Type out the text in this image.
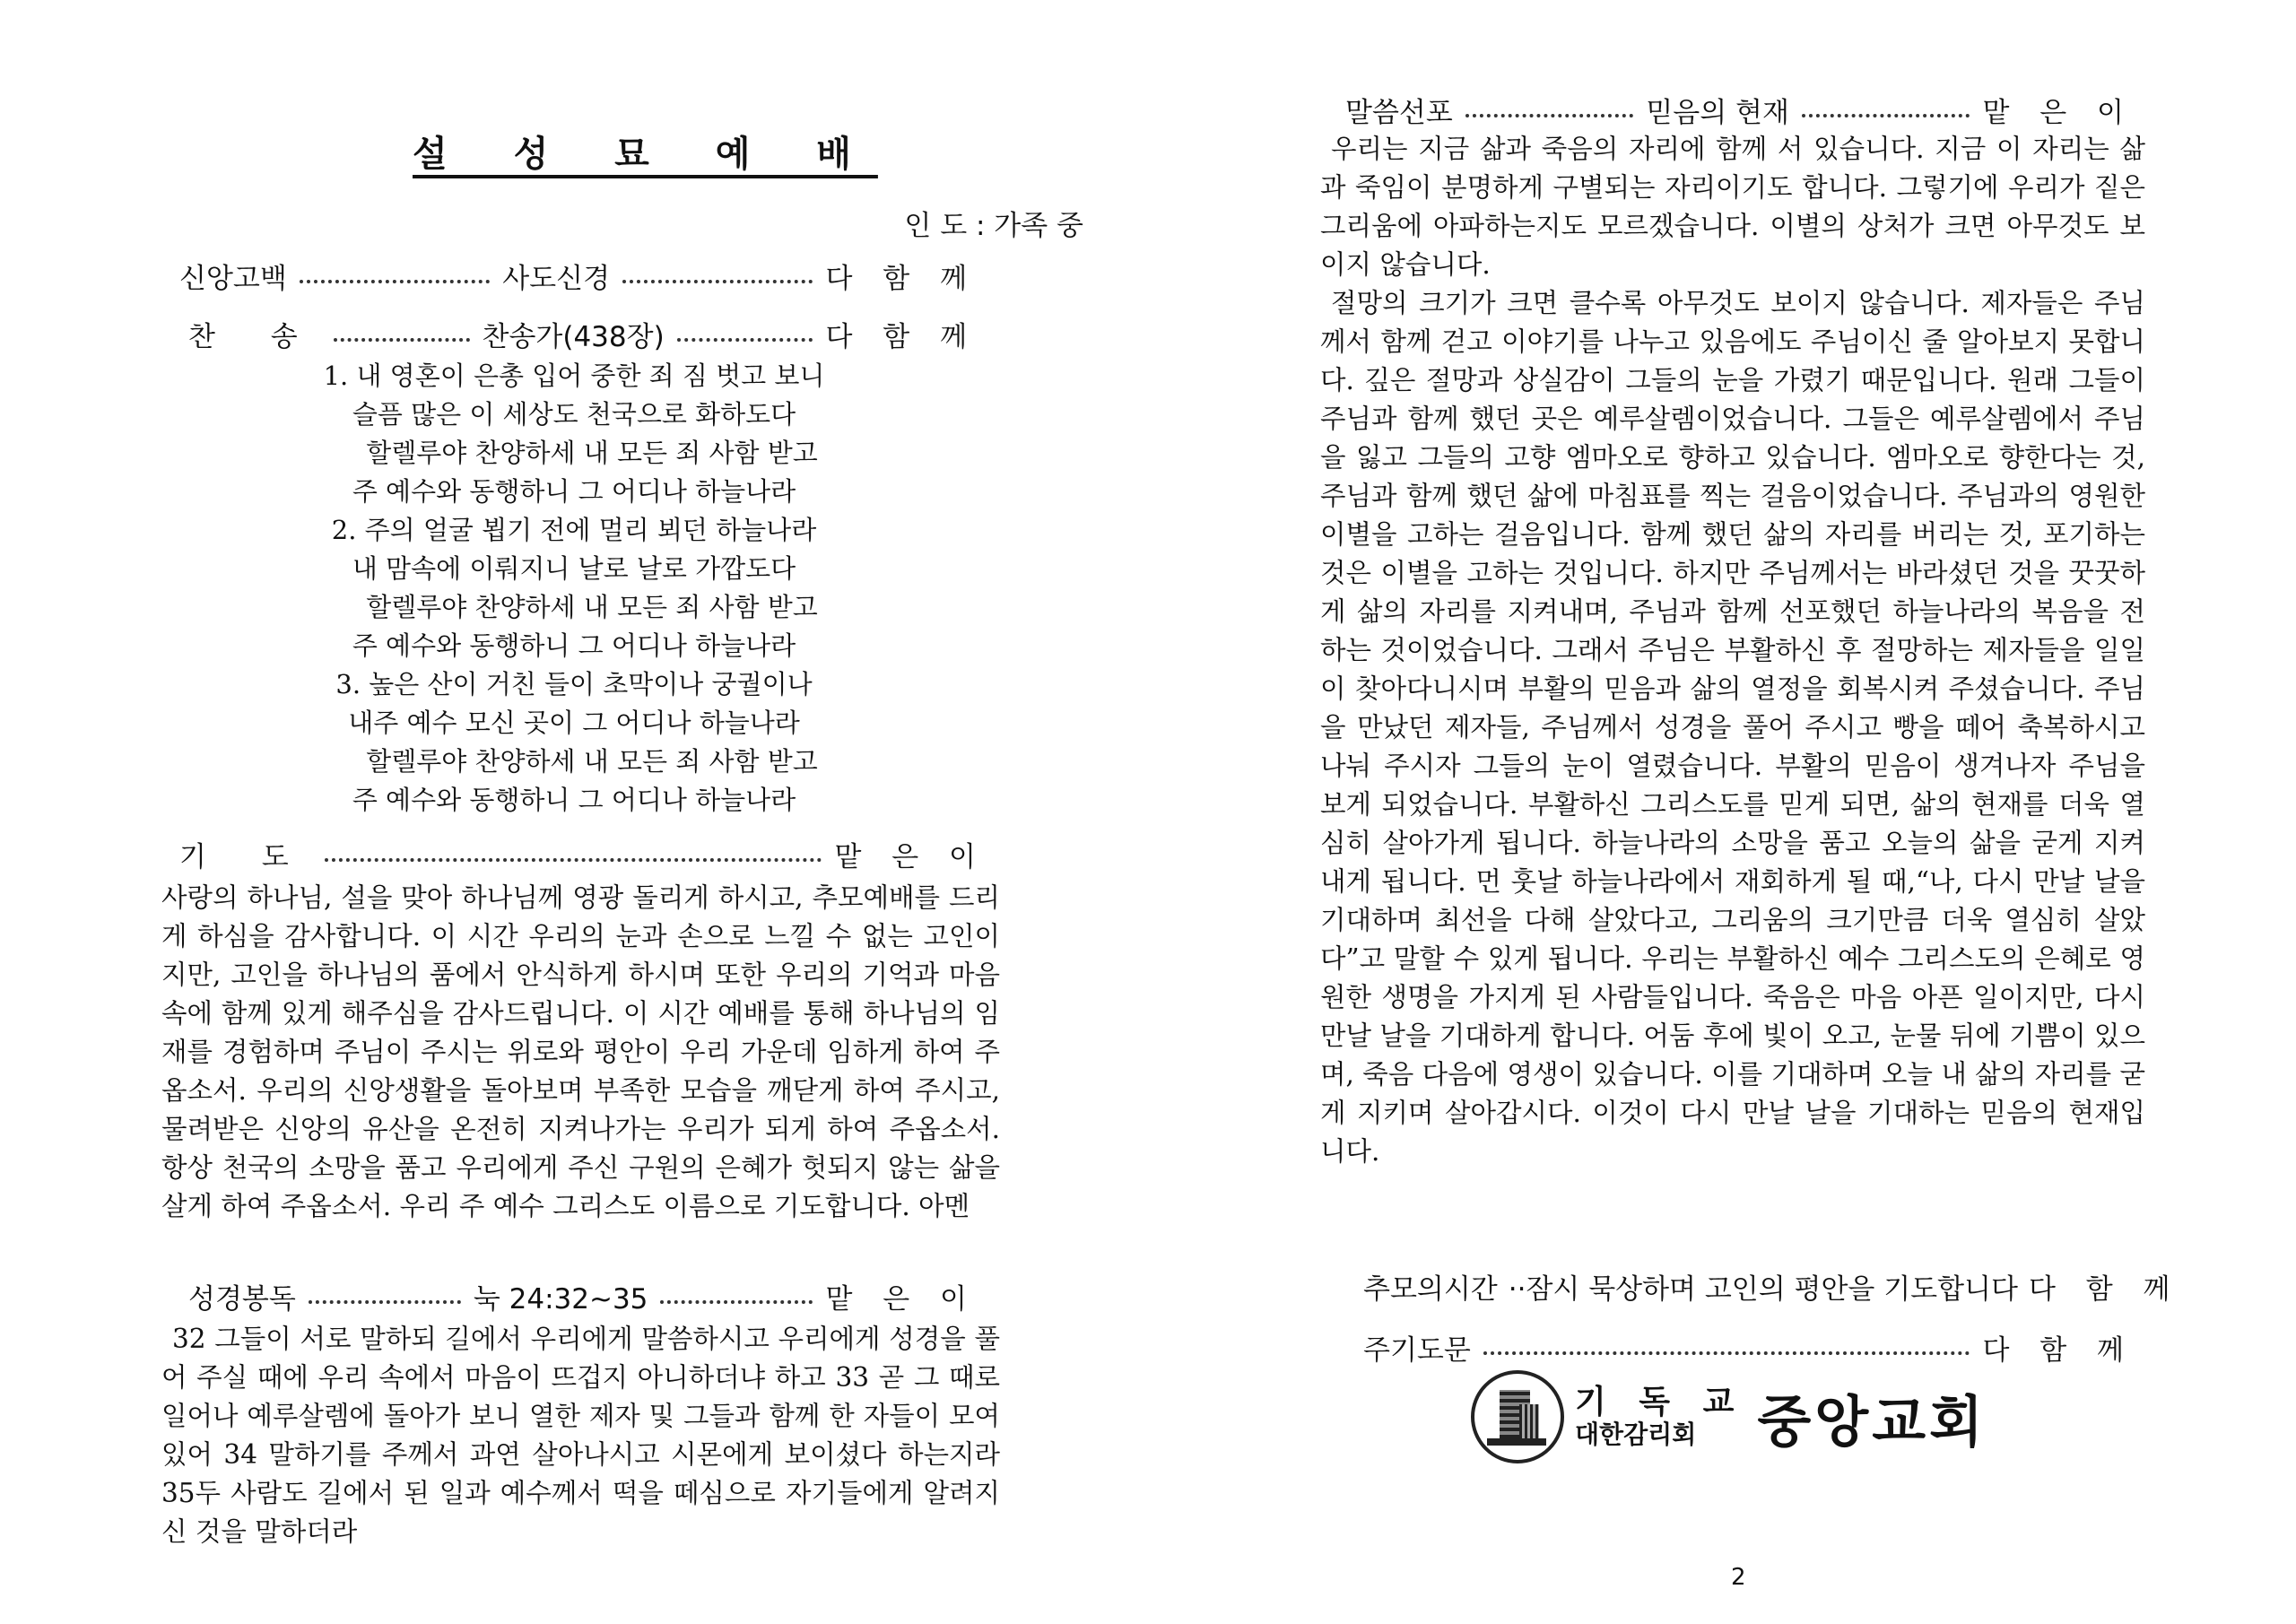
설 성 묘 예 배
인 도 : 가족 중
신앙고백	사도신경	다 함 께
찬 송	찬송가(438장)	다 함 께
1. 내 영혼이 은총 입어 중한 죄 짐 벗고 보니
슬픔 많은 이 세상도 천국으로 화하도다
할렐루야 찬양하세 내 모든 죄 사함 받고
주 예수와 동행하니 그 어디나 하늘나라
2. 주의 얼굴 뵙기 전에 멀리 뵈던 하늘나라
내 맘속에 이뤄지니 날로 날로 가깝도다
할렐루야 찬양하세 내 모든 죄 사함 받고
주 예수와 동행하니 그 어디나 하늘나라
3. 높은 산이 거친 들이 초막이나 궁궐이나
내주 예수 모신 곳이 그 어디나 하늘나라
할렐루야 찬양하세 내 모든 죄 사함 받고
주 예수와 동행하니 그 어디나 하늘나라
기 도	맡 은 이

사랑의 하나님, 설을 맞아 하나님께 영광 돌리게 하시고, 추모예배를 드리게 하심을 감사합니다. 이 시간 우리의 눈과 손으로 느낄 수 없는 고인이지만, 고인을 하나님의 품에서 안식하게 하시며 또한 우리의 기억과 마음속에 함께 있게 해주심을 감사드립니다. 이 시간 예배를 통해 하나님의 임재를 경험하며 주님이 주시는 위로와 평안이 우리 가운데 임하게 하여 주옵소서. 우리의 신앙생활을 돌아보며 부족한 모습을 깨닫게 하여 주시고, 물려받은 신앙의 유산을 온전히 지켜나가는 우리가 되게 하여 주옵소서. 항상 천국의 소망을 품고 우리에게 주신 구원의 은혜가 헛되지 않는 삶을 살게 하여 주옵소서. 우리 주 예수 그리스도 이름으로 기도합니다. 아멘

성경봉독	눅 24:32~35	맡 은 이

32 그들이 서로 말하되 길에서 우리에게 말씀하시고 우리에게 성경을 풀어 주실 때에 우리 속에서 마음이 뜨겁지 아니하더냐 하고 33 곧 그 때로 일어나 예루살렘에 돌아가 보니 열한 제자 및 그들과 함께 한 자들이 모여 있어 34 말하기를 주께서 과연 살아나시고 시몬에게 보이셨다 하는지라 35두 사람도 길에서 된 일과 예수께서 떡을 떼심으로 자기들에게 알려지신 것을 말하더라

말씀선포	믿음의 현재	맡 은 이

우리는 지금 삶과 죽음의 자리에 함께 서 있습니다. 지금 이 자리는 삶과 죽임이 분명하게 구별되는 자리이기도 합니다. 그렇기에 우리가 짙은 그리움에 아파하는지도 모르겠습니다. 이별의 상처가 크면 아무것도 보이지 않습니다.

절망의 크기가 크면 클수록 아무것도 보이지 않습니다. 제자들은 주님께서 함께 걷고 이야기를 나누고 있음에도 주님이신 줄 알아보지 못합니다. 깊은 절망과 상실감이 그들의 눈을 가렸기 때문입니다. 원래 그들이 주님과 함께 했던 곳은 예루살렘이었습니다. 그들은 예루살렘에서 주님을 잃고 그들의 고향 엠마오로 향하고 있습니다. 엠마오로 향한다는 것, 주님과 함께 했던 삶에 마침표를 찍는 걸음이었습니다. 주님과의 영원한 이별을 고하는 걸음입니다. 함께 했던 삶의 자리를 버리는 것, 포기하는 것은 이별을 고하는 것입니다. 하지만 주님께서는 바라셨던 것을 꿋꿋하게 삶의 자리를 지켜내며, 주님과 함께 선포했던 하늘나라의 복음을 전하는 것이었습니다. 그래서 주님은 부활하신 후 절망하는 제자들을 일일이 찾아다니시며 부활의 믿음과 삶의 열정을 회복시켜 주셨습니다. 주님을 만났던 제자들, 주님께서 성경을 풀어 주시고 빵을 떼어 축복하시고 나눠 주시자 그들의 눈이 열렸습니다. 부활의 믿음이 생겨나자 주님을 보게 되었습니다. 부활하신 그리스도를 믿게 되면, 삶의 현재를 더욱 열심히 살아가게 됩니다. 하늘나라의 소망을 품고 오늘의 삶을 굳게 지켜내게 됩니다. 먼 훗날 하늘나라에서 재회하게 될 때,“나, 다시 만날 날을 기대하며 최선을 다해 살았다고, 그리움의 크기만큼 더욱 열심히 살았다”고 말할 수 있게 됩니다. 우리는 부활하신 예수 그리스도의 은혜로 영원한 생명을 가지게 된 사람들입니다. 죽음은 마음 아픈 일이지만, 다시 만날 날을 기대하게 합니다. 어둠 후에 빛이 오고, 눈물 뒤에 기쁨이 있으며, 죽음 다음에 영생이 있습니다. 이를 기대하며 오늘 내 삶의 자리를 굳게 지키며 살아갑시다. 이것이 다시 만날 날을 기대하는 믿음의 현재입니다.

추모의시간 ··잠시 묵상하며 고인의 평안을 기도합니다 다 함 께
주기도문	다 함 께
기 독 교
대한감리회	중앙교회
2
